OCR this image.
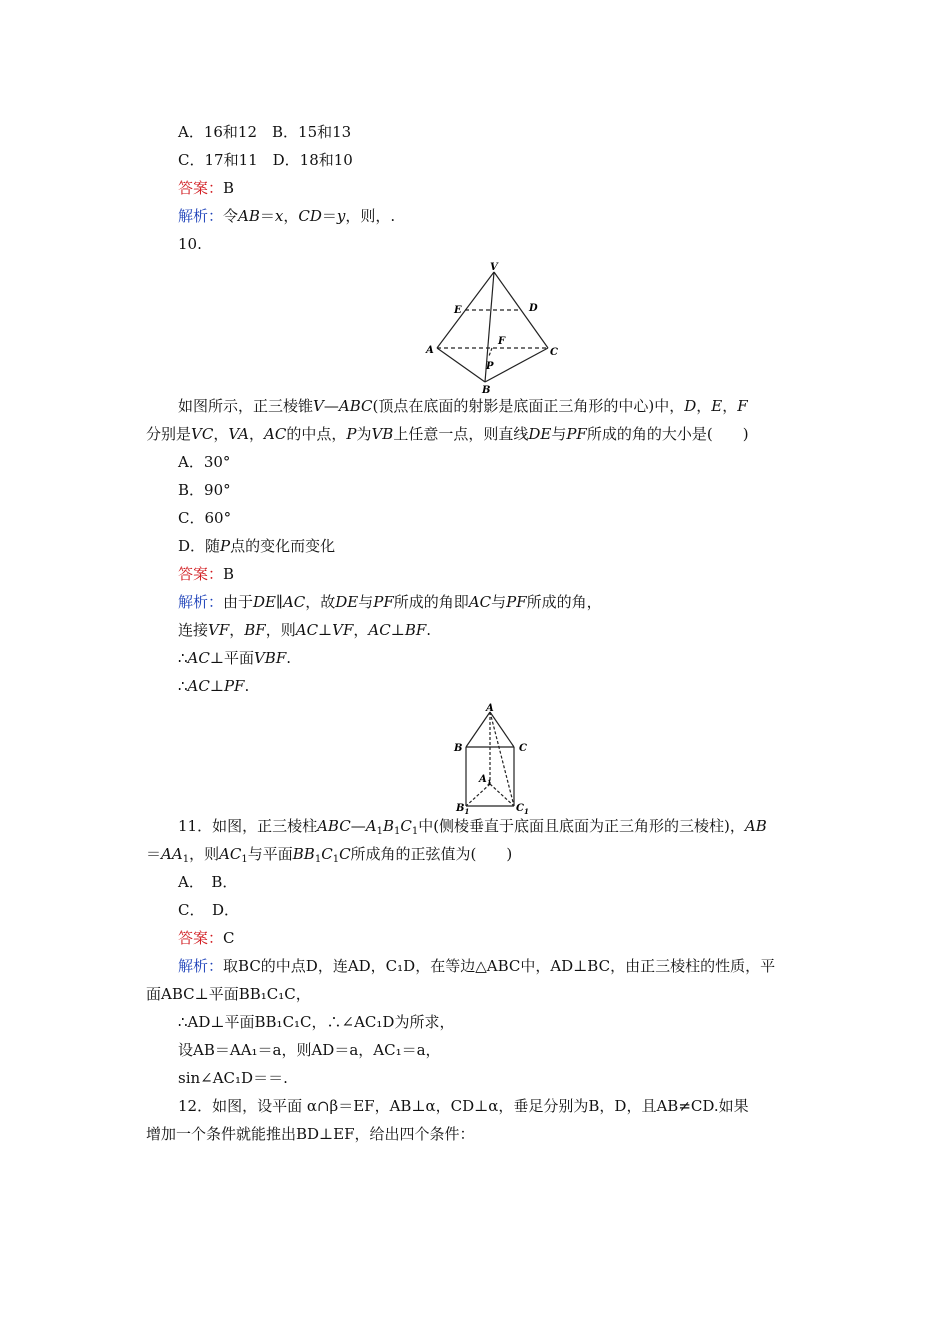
A．16和12　B．15和13
C．17和11　D．18和10
答案：B
解析：令AB＝x，CD＝y，则，.
10.
V
E	D
F
A
P
C
B
如图所示，正三棱锥V—ABC(顶点在底面的射影是底面正三角形的中心)中，D，E，F
分别是VC，VA，AC的中点，P为VB上任意一点，则直线DE与PF所成的角的大小是(　　)
A．30°
B．90°
C．60°
D．随P点的变化而变化
答案：B
解析：由于DE∥AC，故DE与PF所成的角即AC与PF所成的角，
连接VF，BF，则AC⊥VF，AC⊥BF.
∴AC⊥平面VBF.
∴AC⊥PF.
A
B	C
$A_1$
$B_1$	$C_1$
11．如图，正三棱柱$ABC—A_1B_1C_1$中(侧棱垂直于底面且底面为正三角形的三棱柱)，AB
$=AA_1$，则$AC_1$与平面$BB_1C_1C$所成角的正弦值为(　　)
A．　B．
C．　D．
答案：C
解析：取BC的中点D，连AD，C₁D，在等边△ABC中，AD⊥BC，由正三棱柱的性质，平
面ABC⊥平面BB₁C₁C，
∴AD⊥平面BB₁C₁C，∴∠AC₁D为所求，
设AB＝AA₁＝a，则AD＝a，AC₁＝a，
sin∠AC₁D＝＝.
12．如图，设平面 α∩β＝EF，AB⊥α，CD⊥α，垂足分别为B，D，且AB≠CD.如果
增加一个条件就能推出BD⊥EF，给出四个条件：
